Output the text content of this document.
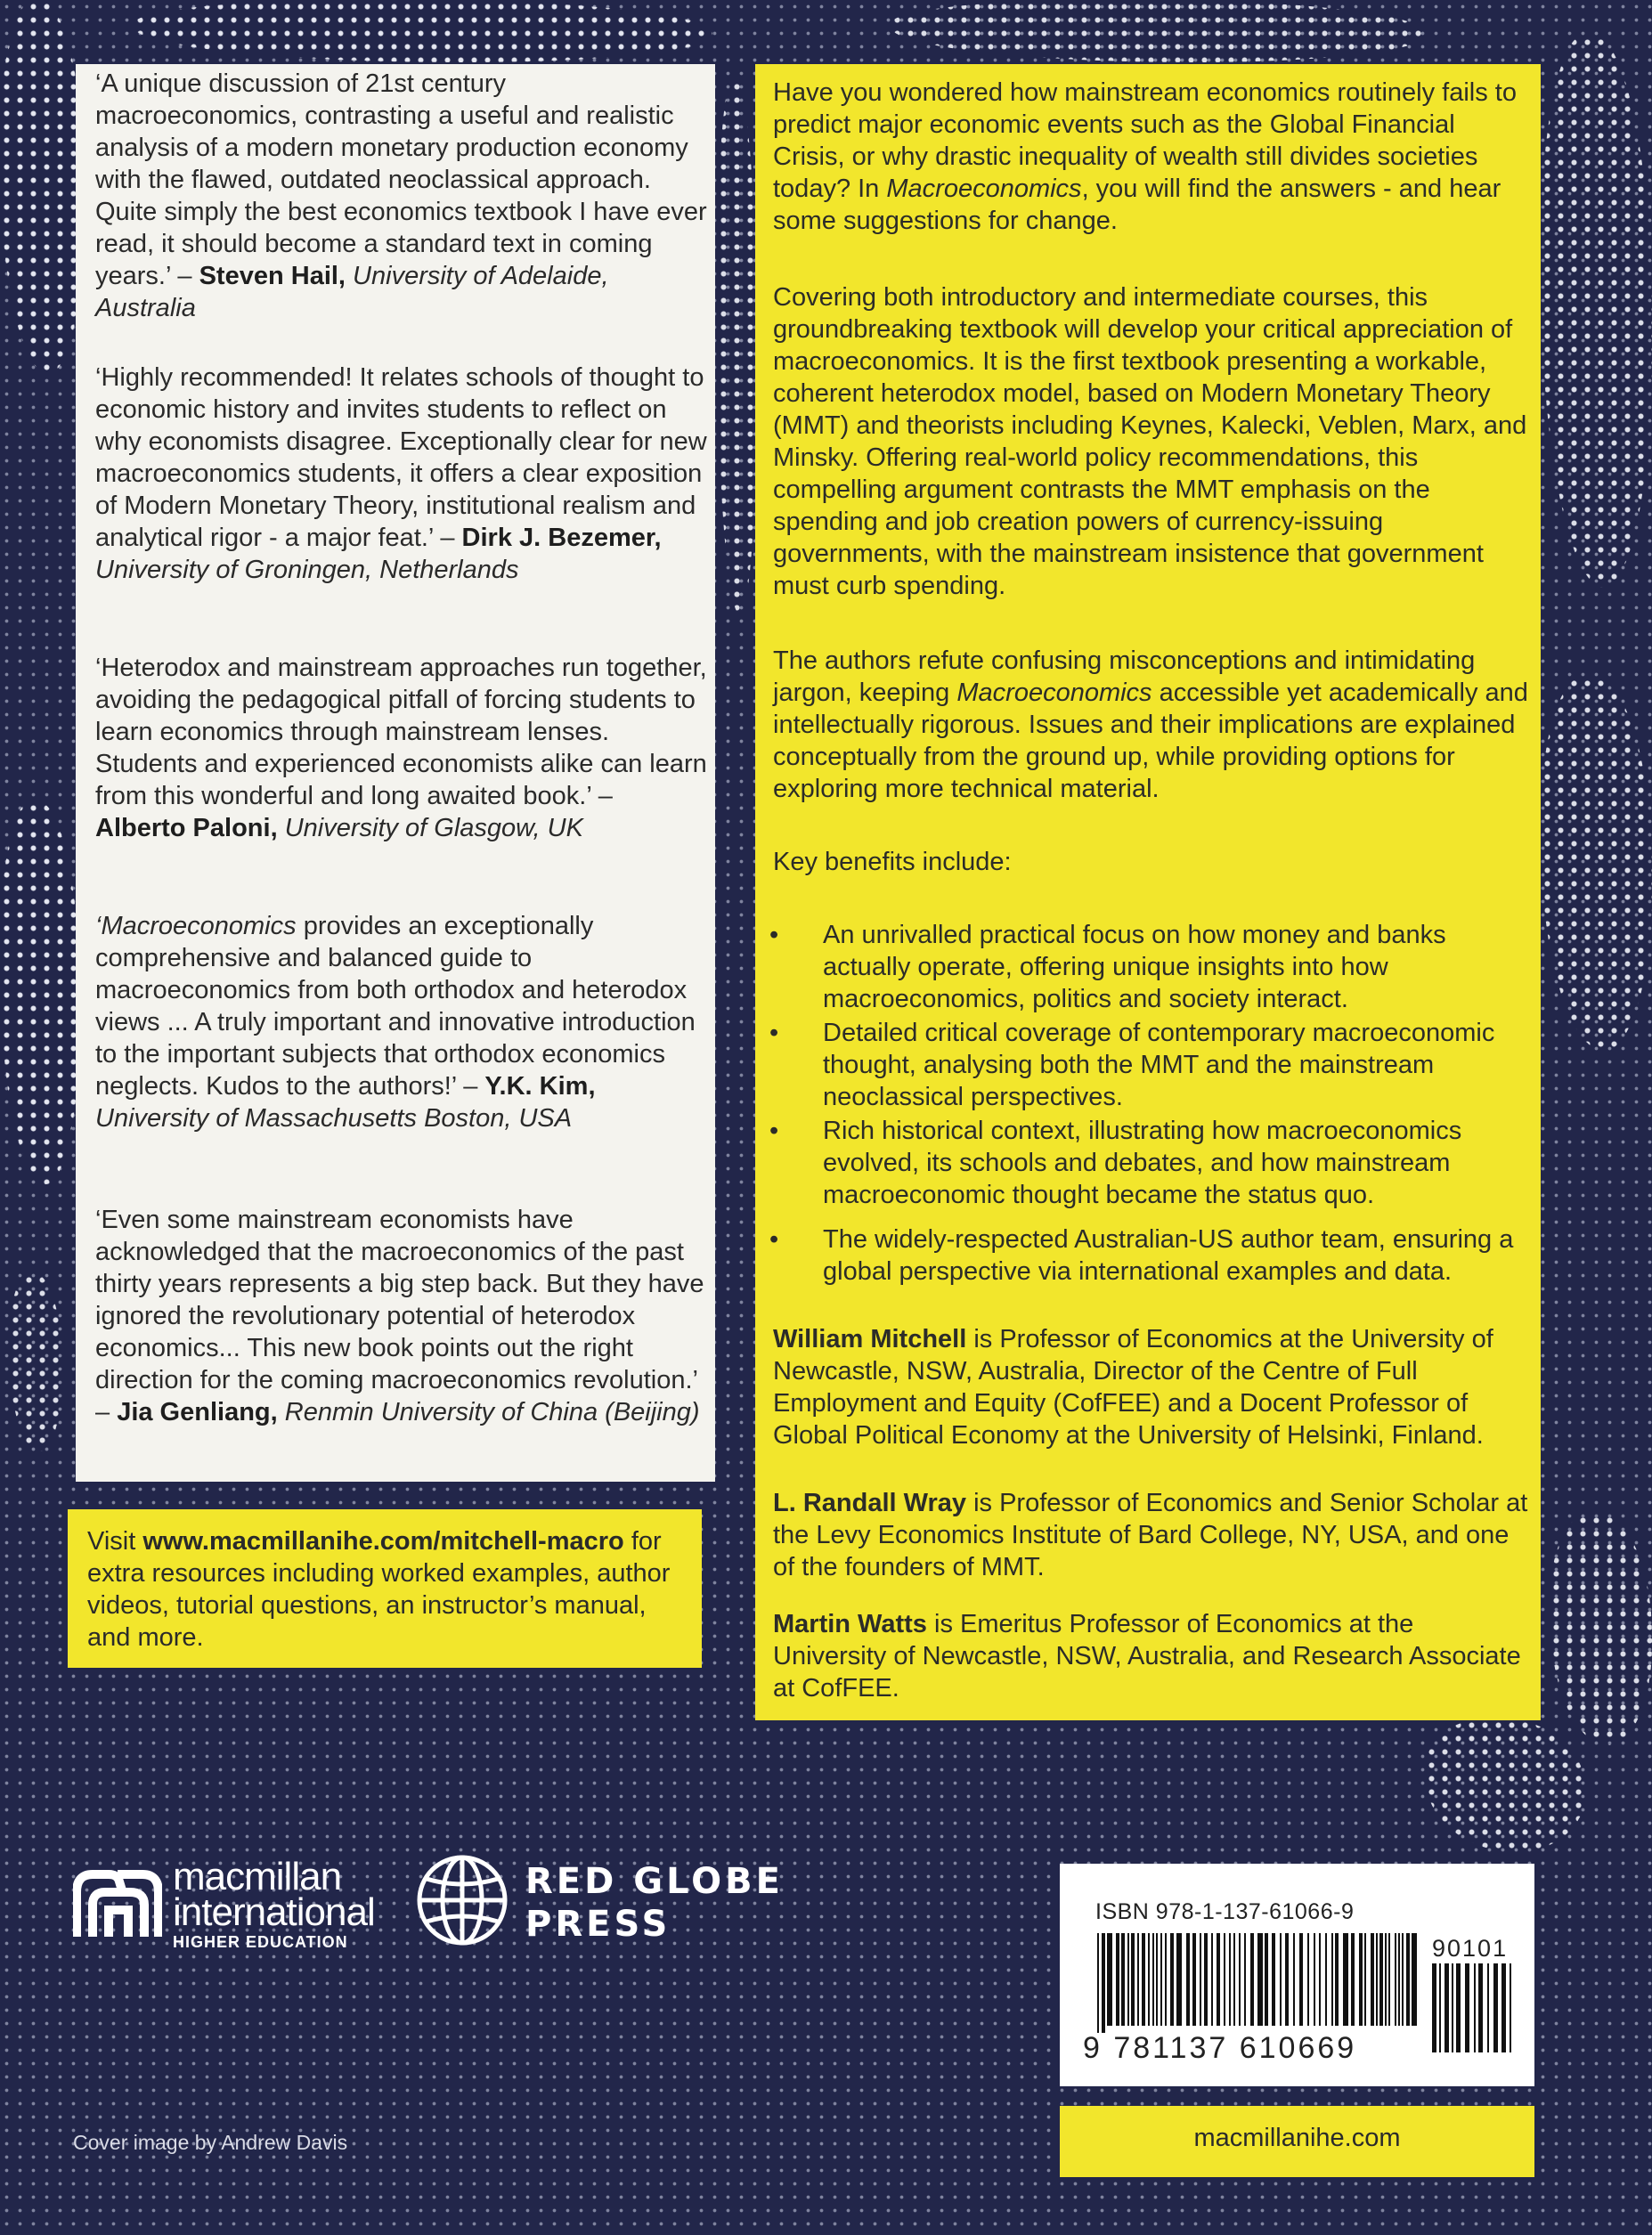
‘A unique discussion of 21st century macroeconomics, contrasting a useful and realistic analysis of a modern monetary production economy with the flawed, outdated neoclassical approach. Quite simply the best economics textbook I have ever read, it should become a standard text in coming years.’ – Steven Hail, University of Adelaide, Australia

‘Highly recommended! It relates schools of thought to economic history and invites students to reflect on why economists disagree. Exceptionally clear for new macroeconomics students, it offers a clear exposition of Modern Monetary Theory, institutional realism and analytical rigor - a major feat.’ – Dirk J. Bezemer, University of Groningen, Netherlands

‘Heterodox and mainstream approaches run together, avoiding the pedagogical pitfall of forcing students to learn economics through mainstream lenses. Students and experienced economists alike can learn from this wonderful and long awaited book.’ – Alberto Paloni, University of Glasgow, UK

‘Macroeconomics provides an exceptionally comprehensive and balanced guide to macroeconomics from both orthodox and heterodox views ... A truly important and innovative introduction to the important subjects that orthodox economics neglects. Kudos to the authors!’ – Y.K. Kim, University of Massachusetts Boston, USA

‘Even some mainstream economists have acknowledged that the macroeconomics of the past thirty years represents a big step back. But they have ignored the revolutionary potential of heterodox economics... This new book points out the right direction for the coming macroeconomics revolution.’ – Jia Genliang, Renmin University of China (Beijing)

Visit www.macmillanihe.com/mitchell-macro for extra resources including worked examples, author videos, tutorial questions, an instructor’s manual, and more.

Have you wondered how mainstream economics routinely fails to predict major economic events such as the Global Financial Crisis, or why drastic inequality of wealth still divides societies today? In Macroeconomics, you will find the answers - and hear some suggestions for change.

Covering both introductory and intermediate courses, this groundbreaking textbook will develop your critical appreciation of macroeconomics. It is the first textbook presenting a workable, coherent heterodox model, based on Modern Monetary Theory (MMT) and theorists including Keynes, Kalecki, Veblen, Marx, and Minsky. Offering real-world policy recommendations, this compelling argument contrasts the MMT emphasis on the spending and job creation powers of currency-issuing governments, with the mainstream insistence that government must curb spending.

The authors refute confusing misconceptions and intimidating jargon, keeping Macroeconomics accessible yet academically and intellectually rigorous. Issues and their implications are explained conceptually from the ground up, while providing options for exploring more technical material.

Key benefits include:

• An unrivalled practical focus on how money and banks actually operate, offering unique insights into how macroeconomics, politics and society interact.
• Detailed critical coverage of contemporary macroeconomic thought, analysing both the MMT and the mainstream neoclassical perspectives.
• Rich historical context, illustrating how macroeconomics evolved, its schools and debates, and how mainstream macroeconomic thought became the status quo.
• The widely-respected Australian-US author team, ensuring a global perspective via international examples and data.

William Mitchell is Professor of Economics at the University of Newcastle, NSW, Australia, Director of the Centre of Full Employment and Equity (CofFEE) and a Docent Professor of Global Political Economy at the University of Helsinki, Finland.

L. Randall Wray is Professor of Economics and Senior Scholar at the Levy Economics Institute of Bard College, NY, USA, and one of the founders of MMT.

Martin Watts is Emeritus Professor of Economics at the University of Newcastle, NSW, Australia, and Research Associate at CofFEE.

macmillan

international

HIGHER EDUCATION

RED GLOBE

PRESS	ISBN 978-1-137-61066-9

90101

9 781137 610669

macmillanihe.com

Cover image by Andrew Davis
